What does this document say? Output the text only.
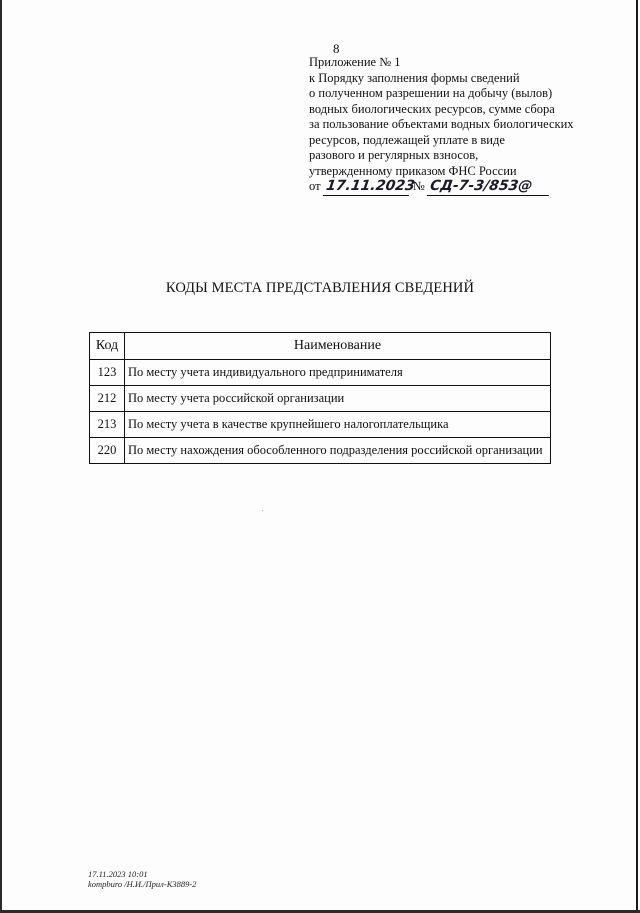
8
Приложение № 1
к Порядку заполнения формы сведений
о полученном разрешении на добычу (вылов)
водных биологических ресурсов, сумме сбора
за пользование объектами водных биологических
ресурсов, подлежащей уплате в виде
разового и регулярных взносов,
утвержденному приказом ФНС России
от 17.11.2023 № СД-7-3/853@
КОДЫ МЕСТА ПРЕДСТАВЛЕНИЯ СВЕДЕНИЙ
Код	Наименование
123	По месту учета индивидуального предпринимателя
212	По месту учета российской организации
213	По месту учета в качестве крупнейшего налогоплательщика
220	По месту нахождения обособленного подразделения российской организации
17.11.2023 10:01
kompburo /Н.И./Прил-К3889-2
